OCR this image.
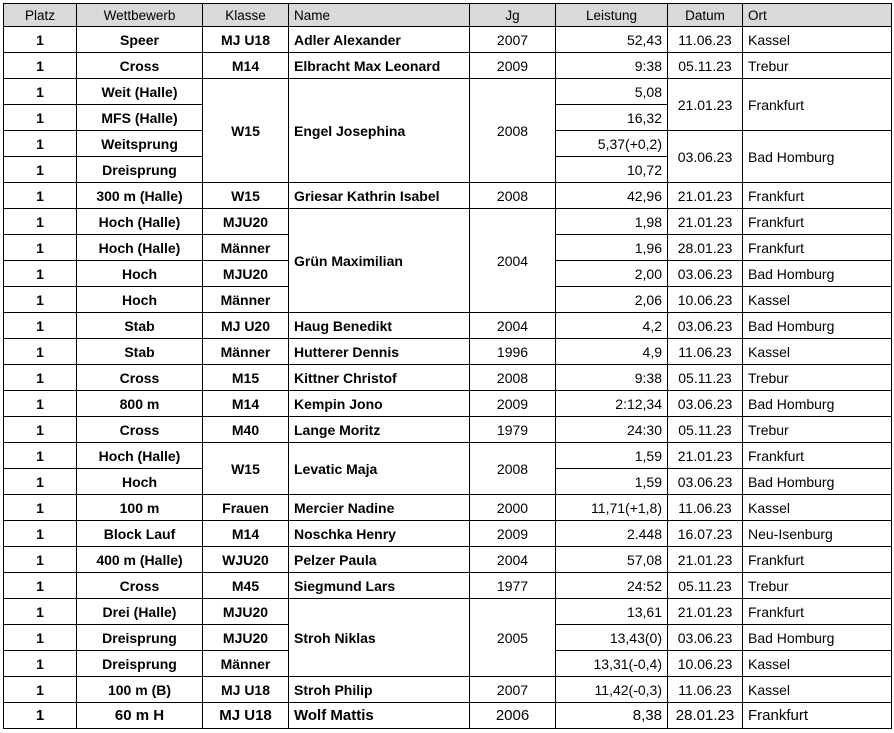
Platz	Wettbewerb	Klasse	Name	Jg	Leistung	Datum	Ort
1	Speer	MJ U18	Adler Alexander	2007	52,43	11.06.23	Kassel
1	Cross	M14	Elbracht Max Leonard	2009	9:38	05.11.23	Trebur
1	Weit (Halle)	W15	Engel Josephina	2008	5,08	21.01.23	Frankfurt
1	MFS (Halle)				16,32		
1	Weitsprung				5,37(+0,2)	03.06.23	Bad Homburg
1	Dreisprung				10,72		
1	300 m (Halle)	W15	Griesar Kathrin Isabel	2008	42,96	21.01.23	Frankfurt
1	Hoch (Halle)	MJU20	Grün Maximilian	2004	1,98	21.01.23	Frankfurt
1	Hoch (Halle)	Männer			1,96	28.01.23	Frankfurt
1	Hoch	MJU20			2,00	03.06.23	Bad Homburg
1	Hoch	Männer			2,06	10.06.23	Kassel
1	Stab	MJ U20	Haug Benedikt	2004	4,2	03.06.23	Bad Homburg
1	Stab	Männer	Hutterer Dennis	1996	4,9	11.06.23	Kassel
1	Cross	M15	Kittner Christof	2008	9:38	05.11.23	Trebur
1	800 m	M14	Kempin Jono	2009	2:12,34	03.06.23	Bad Homburg
1	Cross	M40	Lange Moritz	1979	24:30	05.11.23	Trebur
1	Hoch (Halle)	W15	Levatic Maja	2008	1,59	21.01.23	Frankfurt
1	Hoch				1,59	03.06.23	Bad Homburg
1	100 m	Frauen	Mercier Nadine	2000	11,71(+1,8)	11.06.23	Kassel
1	Block Lauf	M14	Noschka Henry	2009	2.448	16.07.23	Neu-Isenburg
1	400 m (Halle)	WJU20	Pelzer Paula	2004	57,08	21.01.23	Frankfurt
1	Cross	M45	Siegmund Lars	1977	24:52	05.11.23	Trebur
1	Drei (Halle)	MJU20	Stroh Niklas	2005	13,61	21.01.23	Frankfurt
1	Dreisprung	MJU20			13,43(0)	03.06.23	Bad Homburg
1	Dreisprung	Männer			13,31(-0,4)	10.06.23	Kassel
1	100 m (B)	MJ U18	Stroh Philip	2007	11,42(-0,3)	11.06.23	Kassel
1	60 m H	MJ U18	Wolf Mattis	2006	8,38	28.01.23	Frankfurt
